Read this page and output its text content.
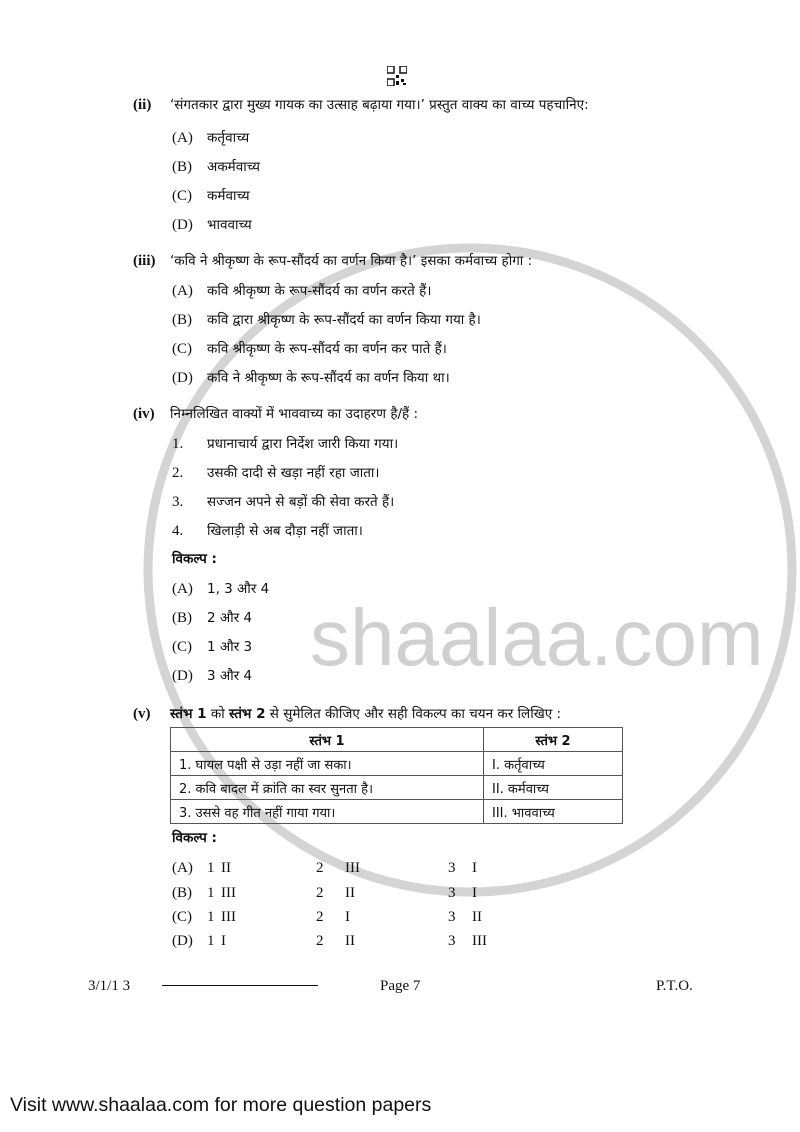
shaalaa.com
(ii) ‘संगतकार द्वारा मुख्य गायक का उत्साह बढ़ाया गया।’ प्रस्तुत वाक्य का वाच्य पहचानिए:
(A) कर्तृवाच्य
(B) अकर्मवाच्य
(C) कर्मवाच्य
(D) भाववाच्य
(iii) ‘कवि ने श्रीकृष्ण के रूप-सौंदर्य का वर्णन किया है।’ इसका कर्मवाच्य होगा :
(A) कवि श्रीकृष्ण के रूप-सौंदर्य का वर्णन करते हैं।
(B) कवि द्वारा श्रीकृष्ण के रूप-सौंदर्य का वर्णन किया गया है।
(C) कवि श्रीकृष्ण के रूप-सौंदर्य का वर्णन कर पाते हैं।
(D) कवि ने श्रीकृष्ण के रूप-सौंदर्य का वर्णन किया था।
(iv) निम्नलिखित वाक्यों में भाववाच्य का उदाहरण है/हैं :
1. प्रधानाचार्य द्वारा निर्देश जारी किया गया।
2. उसकी दादी से खड़ा नहीं रहा जाता।
3. सज्जन अपने से बड़ों की सेवा करते हैं।
4. खिलाड़ी से अब दौड़ा नहीं जाता।
विकल्प :
(A) 1, 3 और 4
(B) 2 और 4
(C) 1 और 3
(D) 3 और 4
(v) स्तंभ 1 को स्तंभ 2 से सुमेलित कीजिए और सही विकल्प का चयन कर लिखिए :
स्तंभ 1	स्तंभ 2
1. घायल पक्षी से उड़ा नहीं जा सका।	I. कर्तृवाच्य
2. कवि बादल में क्रांति का स्वर सुनता है।	II. कर्मवाच्य
3. उससे वह गीत नहीं गाया गया।	III. भाववाच्य
विकल्प :
(A) 1 II	2 III	3 I
(B) 1 III	2 II	3 I
(C) 1 III	2 I	3 II
(D) 1 I	2 II	3 III
3/1/1 3	Page 7	P.T.O.
Visit www.shaalaa.com for more question papers
